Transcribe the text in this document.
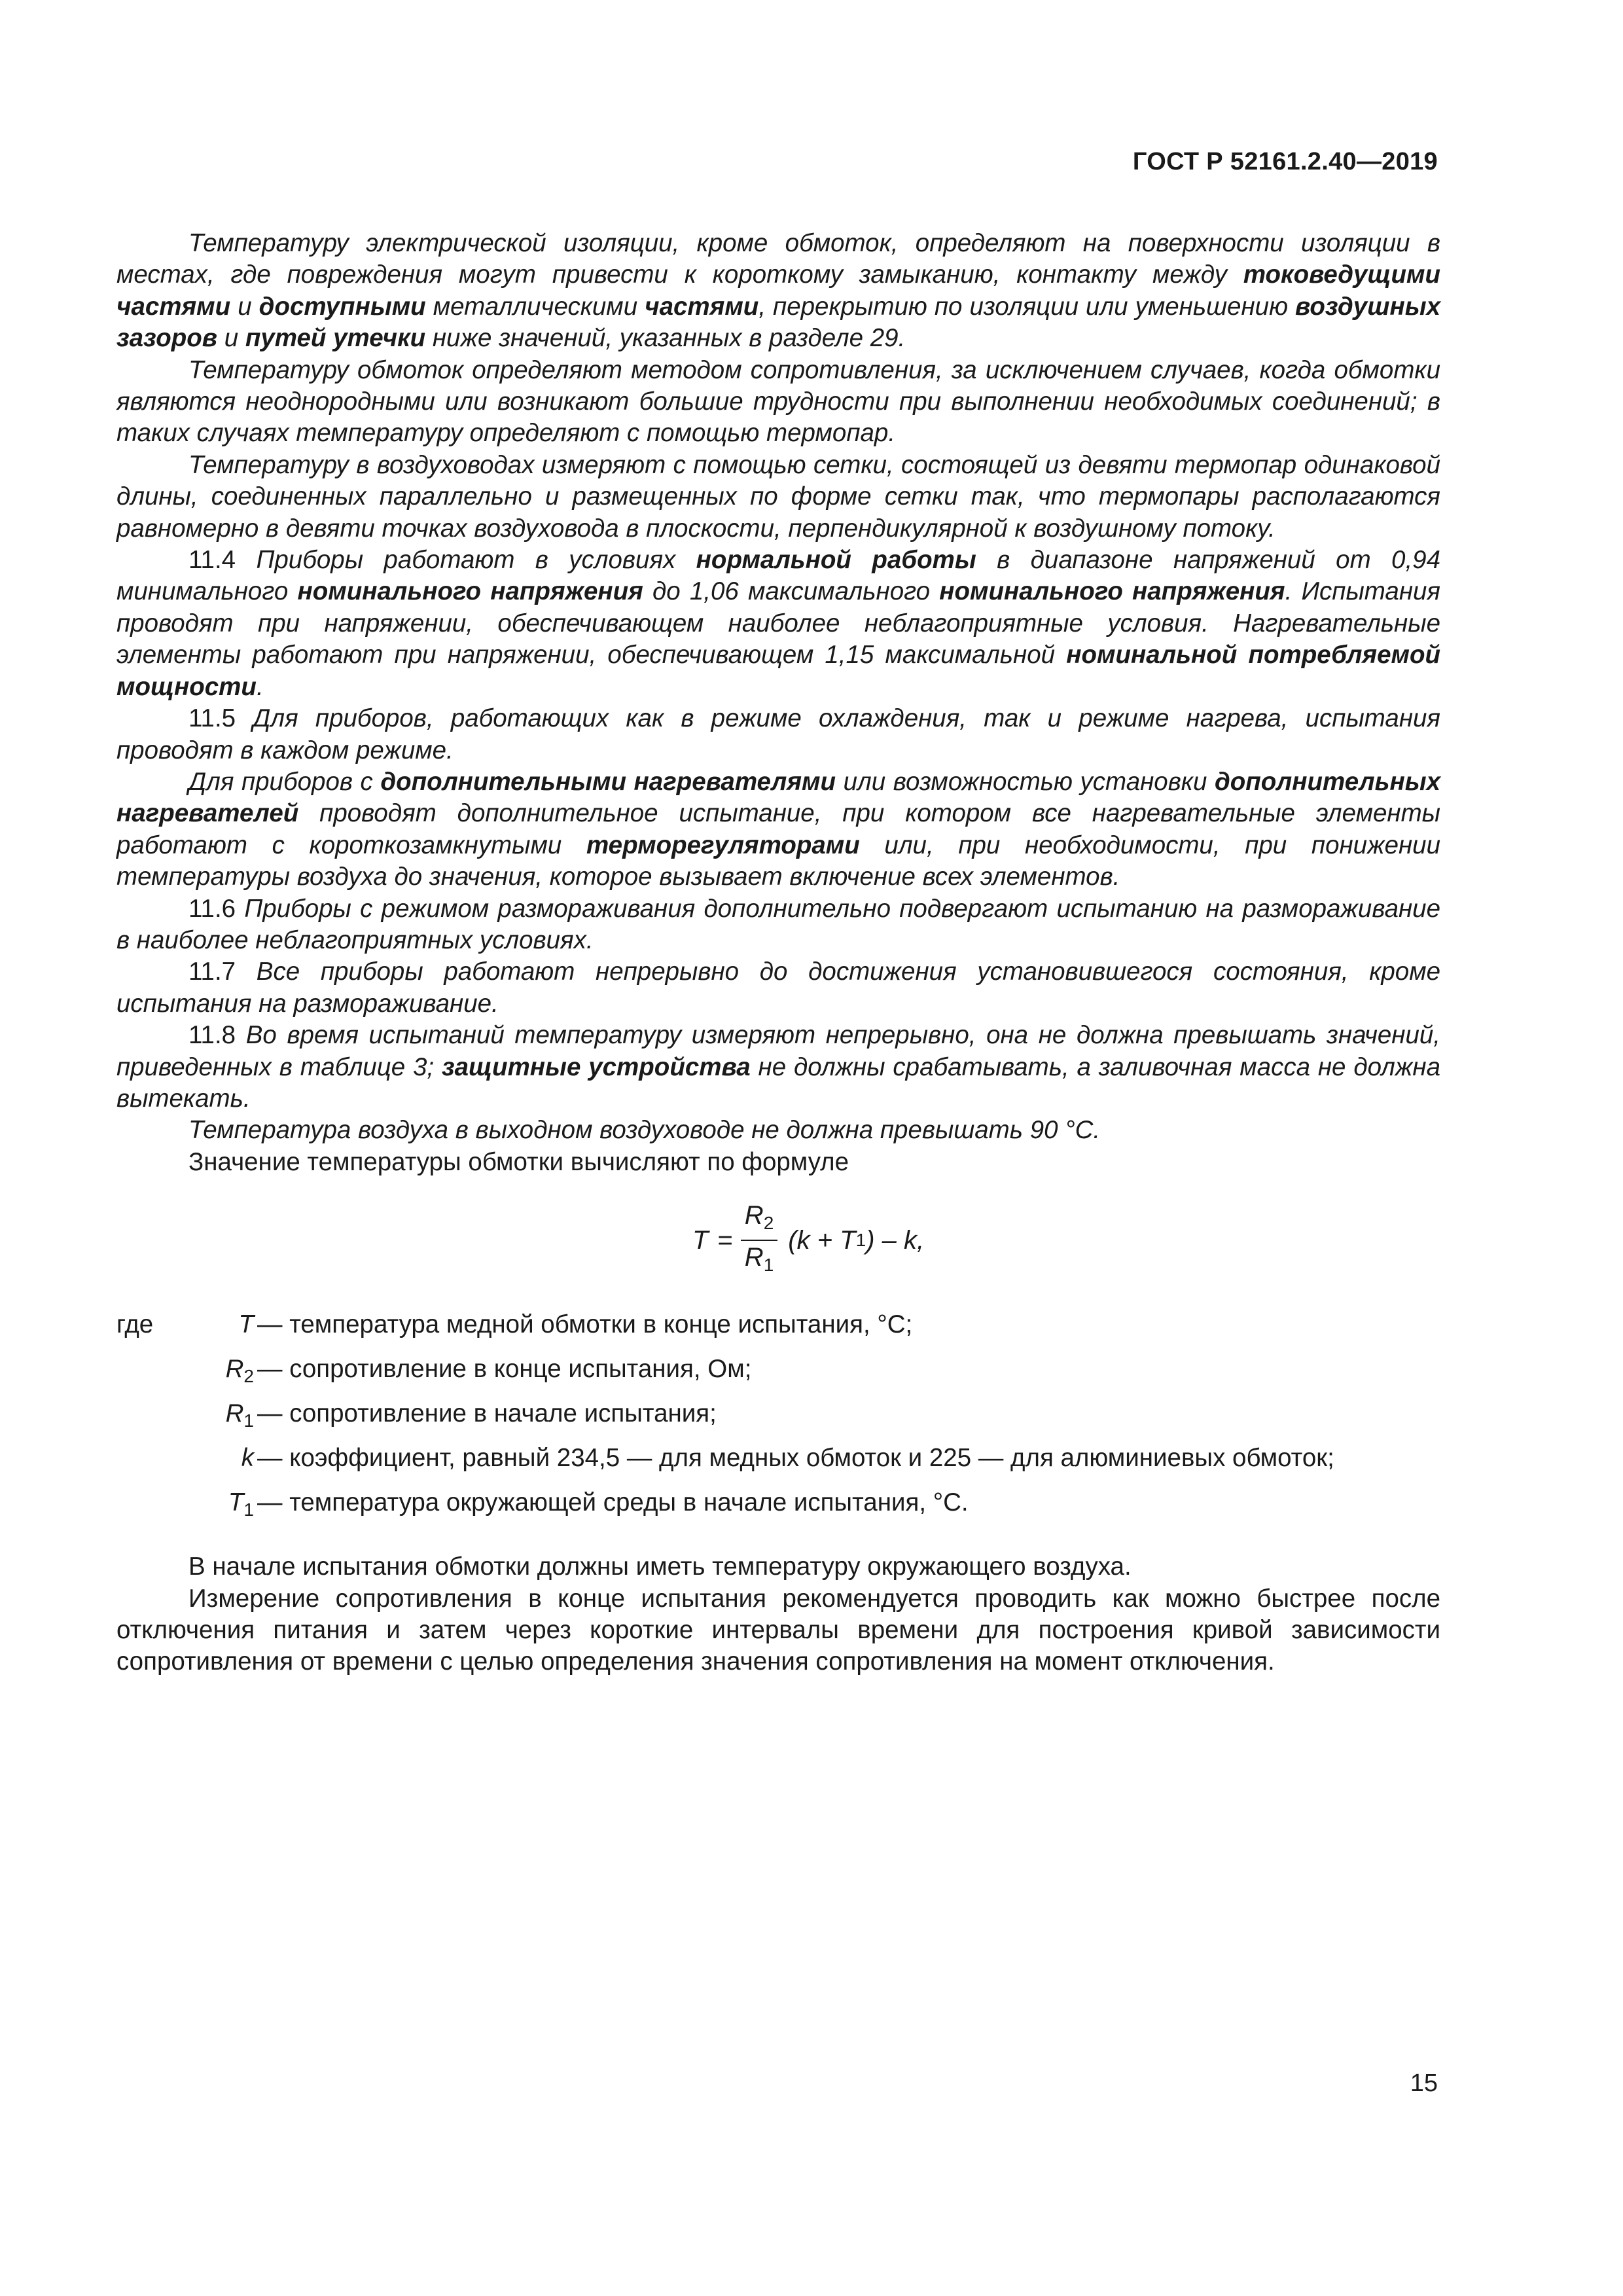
ГОСТ Р 52161.2.40—2019

Температуру электрической изоляции, кроме обмоток, определяют на поверхности изоляции в местах, где повреждения могут привести к короткому замыканию, контакту между токоведущими частями и доступными металлическими частями, перекрытию по изоляции или уменьшению воздушных зазоров и путей утечки ниже значений, указанных в разделе 29.

Температуру обмоток определяют методом сопротивления, за исключением случаев, когда обмотки являются неоднородными или возникают большие трудности при выполнении необходимых соединений; в таких случаях температуру определяют с помощью термопар.

Температуру в воздуховодах измеряют с помощью сетки, состоящей из девяти термопар одинаковой длины, соединенных параллельно и размещенных по форме сетки так, что термопары располагаются равномерно в девяти точках воздуховода в плоскости, перпендикулярной к воздушному потоку.

11.4 Приборы работают в условиях нормальной работы в диапазоне напряжений от 0,94 минимального номинального напряжения до 1,06 максимального номинального напряжения. Испытания проводят при напряжении, обеспечивающем наиболее неблагоприятные условия. Нагревательные элементы работают при напряжении, обеспечивающем 1,15 максимальной номинальной потребляемой мощности.

11.5 Для приборов, работающих как в режиме охлаждения, так и режиме нагрева, испытания проводят в каждом режиме.

Для приборов с дополнительными нагревателями или возможностью установки дополнительных нагревателей проводят дополнительное испытание, при котором все нагревательные элементы работают с короткозамкнутыми терморегуляторами или, при необходимости, при понижении температуры воздуха до значения, которое вызывает включение всех элементов.

11.6 Приборы с режимом размораживания дополнительно подвергают испытанию на размораживание в наиболее неблагоприятных условиях.

11.7 Все приборы работают непрерывно до достижения установившегося состояния, кроме испытания на размораживание.

11.8 Во время испытаний температуру измеряют непрерывно, она не должна превышать значений, приведенных в таблице 3; защитные устройства не должны срабатывать, а заливочная масса не должна вытекать.

Температура воздуха в выходном воздуховоде не должна превышать 90 °С.

Значение температуры обмотки вычисляют по формуле

$T = \frac{R_2}{R_1} (k + T$ 1 ) – k,
где	T — температура медной обмотки в конце испытания, °С;
$R_2$ — сопротивление в конце испытания, Ом;
$R_1$ — сопротивление в начале испытания;
k — коэффициент, равный 234,5 — для медных обмоток и 225 — для алюминиевых обмоток;
$T_1$ — температура окружающей среды в начале испытания, °С.

В начале испытания обмотки должны иметь температуру окружающего воздуха.

Измерение сопротивления в конце испытания рекомендуется проводить как можно быстрее после отключения питания и затем через короткие интервалы времени для построения кривой зависимости сопротивления от времени с целью определения значения сопротивления на момент отключения.

15
